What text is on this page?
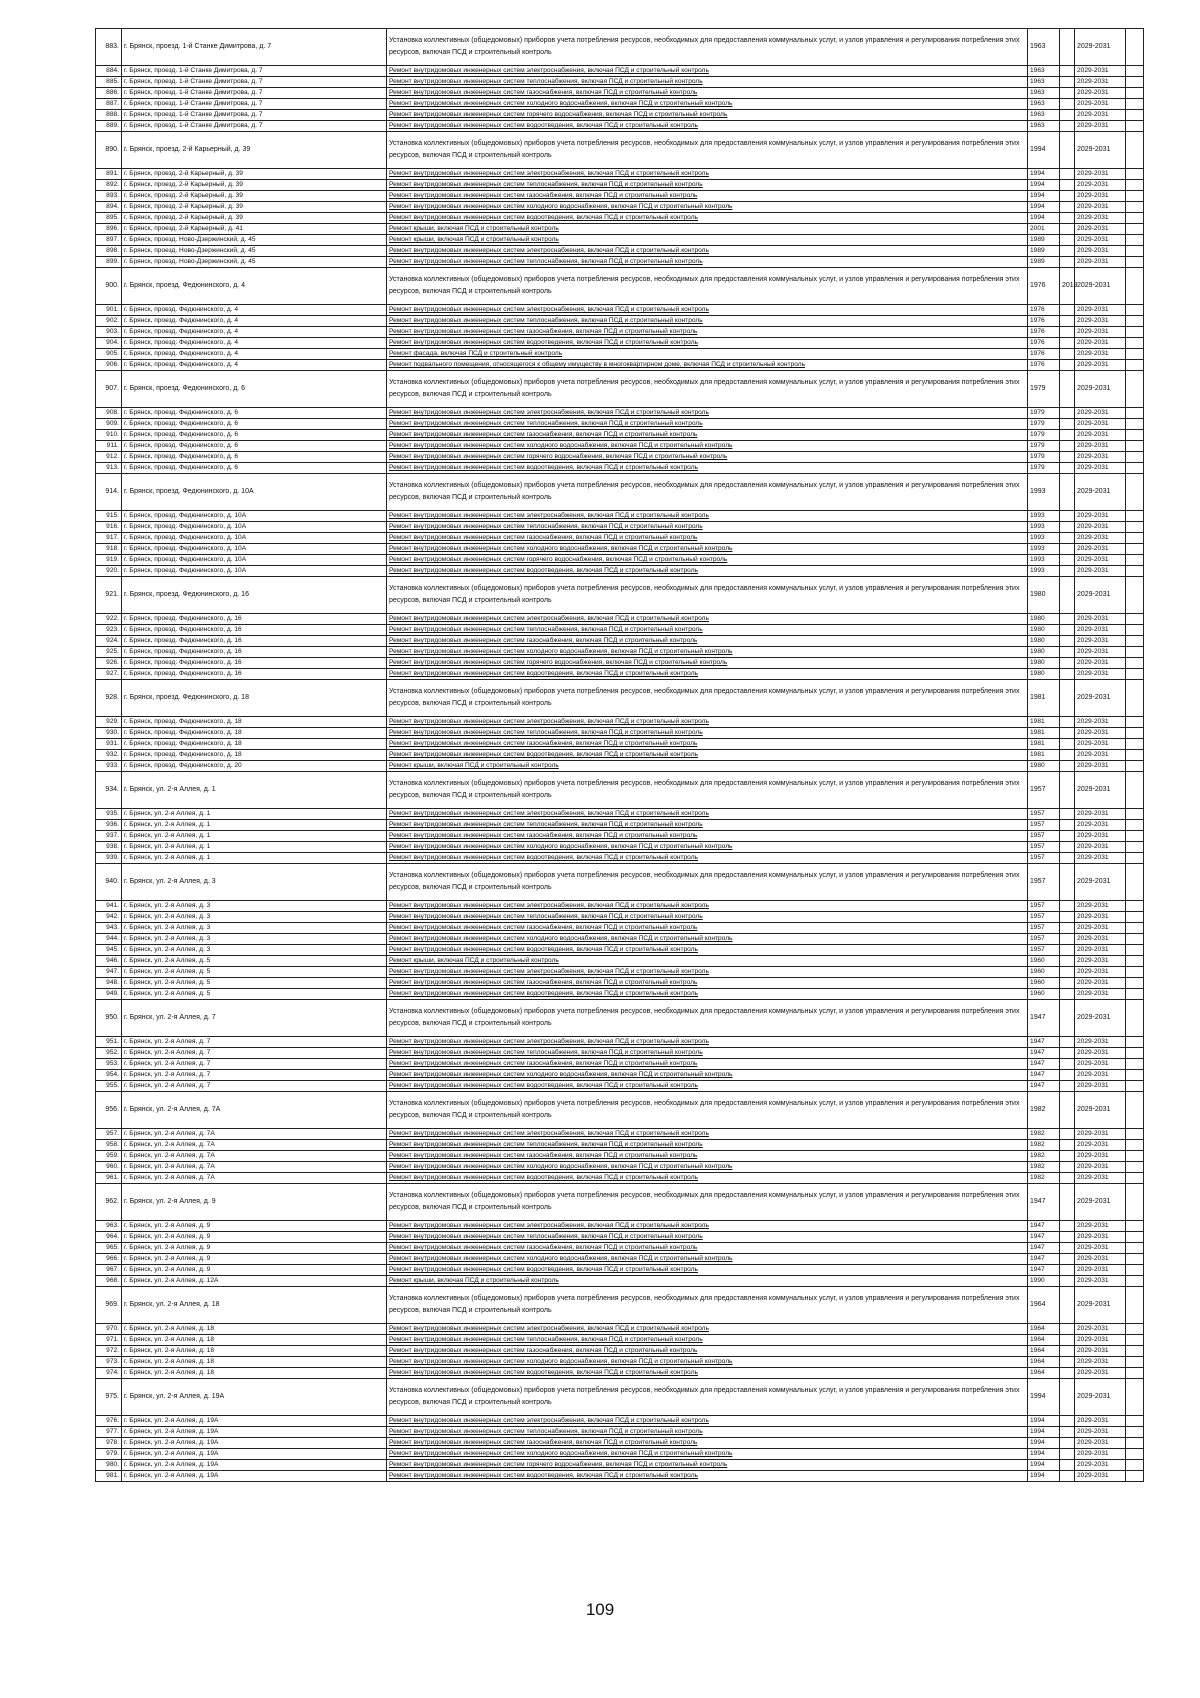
883.	г. Брянск, проезд. 1-й Станке Димитрова, д. 7	Установка коллективных (общедомовых) приборов учета потребления ресурсов, необходимых для предоставления коммунальных услуг, и узлов управления и регулирования потребления этих ресурсов, включая ПСД и строительный контроль	1963		2029-2031	
884.	г. Брянск, проезд. 1-й Станке Димитрова, д. 7	Ремонт внутридомовых инженерных систем электроснабжения, включая ПСД и строительный контроль	1963		2029-2031	
885.	г. Брянск, проезд. 1-й Станке Димитрова, д. 7	Ремонт внутридомовых инженерных систем теплоснабжения, включая ПСД и строительный контроль	1963		2029-2031	
886.	г. Брянск, проезд. 1-й Станке Димитрова, д. 7	Ремонт внутридомовых инженерных систем газоснабжения, включая ПСД и строительный контроль	1963		2029-2031	
887.	г. Брянск, проезд. 1-й Станке Димитрова, д. 7	Ремонт внутридомовых инженерных систем холодного водоснабжения, включая ПСД и строительный контроль	1963		2029-2031	
888.	г. Брянск, проезд. 1-й Станке Димитрова, д. 7	Ремонт внутридомовых инженерных систем горячего водоснабжения, включая ПСД и строительный контроль	1963		2029-2031	
889.	г. Брянск, проезд. 1-й Станке Димитрова, д. 7	Ремонт внутридомовых инженерных систем водоотведения, включая ПСД и строительный контроль	1963		2029-2031	
890.	г. Брянск, проезд. 2-й Карьерный, д. 39	Установка коллективных (общедомовых) приборов учета потребления ресурсов, необходимых для предоставления коммунальных услуг, и узлов управления и регулирования потребления этих ресурсов, включая ПСД и строительный контроль	1994		2029-2031	
891.	г. Брянск, проезд. 2-й Карьерный, д. 39	Ремонт внутридомовых инженерных систем электроснабжения, включая ПСД и строительный контроль	1994		2029-2031	
892.	г. Брянск, проезд. 2-й Карьерный, д. 39	Ремонт внутридомовых инженерных систем теплоснабжения, включая ПСД и строительный контроль	1994		2029-2031	
893.	г. Брянск, проезд. 2-й Карьерный, д. 39	Ремонт внутридомовых инженерных систем газоснабжения, включая ПСД и строительный контроль	1994		2029-2031	
894.	г. Брянск, проезд. 2-й Карьерный, д. 39	Ремонт внутридомовых инженерных систем холодного водоснабжения, включая ПСД и строительный контроль	1994		2029-2031	
895.	г. Брянск, проезд. 2-й Карьерный, д. 39	Ремонт внутридомовых инженерных систем водоотведения, включая ПСД и строительный контроль	1994		2029-2031	
896.	г. Брянск, проезд. 2-й Карьерный, д. 41	Ремонт крыши, включая ПСД и строительный контроль	2001		2029-2031	
897.	г. Брянск, проезд. Ново-Дзержинский, д. 45	Ремонт крыши, включая ПСД и строительный контроль	1989		2029-2031	
898.	г. Брянск, проезд. Ново-Дзержинский, д. 45	Ремонт внутридомовых инженерных систем электроснабжения, включая ПСД и строительный контроль	1989		2029-2031	
899.	г. Брянск, проезд. Ново-Дзержинский, д. 45	Ремонт внутридомовых инженерных систем теплоснабжения, включая ПСД и строительный контроль	1989		2029-2031	
900.	г. Брянск, проезд. Федюнинского, д. 4	Установка коллективных (общедомовых) приборов учета потребления ресурсов, необходимых для предоставления коммунальных услуг, и узлов управления и регулирования потребления этих ресурсов, включая ПСД и строительный контроль	1976	2019	2029-2031	
901.	г. Брянск, проезд. Федюнинского, д. 4	Ремонт внутридомовых инженерных систем электроснабжения, включая ПСД и строительный контроль	1976		2029-2031	
902.	г. Брянск, проезд. Федюнинского, д. 4	Ремонт внутридомовых инженерных систем теплоснабжения, включая ПСД и строительный контроль	1976		2029-2031	
903.	г. Брянск, проезд. Федюнинского, д. 4	Ремонт внутридомовых инженерных систем газоснабжения, включая ПСД и строительный контроль	1976		2029-2031	
904.	г. Брянск, проезд. Федюнинского, д. 4	Ремонт внутридомовых инженерных систем водоотведения, включая ПСД и строительный контроль	1976		2029-2031	
905.	г. Брянск, проезд. Федюнинского, д. 4	Ремонт фасада, включая ПСД и строительный контроль	1976		2029-2031	
906.	г. Брянск, проезд. Федюнинского, д. 4	Ремонт подвального помещения, относящегося к общему имуществу в многоквартирном доме, включая ПСД и строительный контроль	1976		2029-2031	
907.	г. Брянск, проезд. Федюнинского, д. 6	Установка коллективных (общедомовых) приборов учета потребления ресурсов, необходимых для предоставления коммунальных услуг, и узлов управления и регулирования потребления этих ресурсов, включая ПСД и строительный контроль	1979		2029-2031	
908.	г. Брянск, проезд. Федюнинского, д. 6	Ремонт внутридомовых инженерных систем электроснабжения, включая ПСД и строительный контроль	1979		2029-2031	
909.	г. Брянск, проезд. Федюнинского, д. 6	Ремонт внутридомовых инженерных систем теплоснабжения, включая ПСД и строительный контроль	1979		2029-2031	
910.	г. Брянск, проезд. Федюнинского, д. 6	Ремонт внутридомовых инженерных систем газоснабжения, включая ПСД и строительный контроль	1979		2029-2031	
911.	г. Брянск, проезд. Федюнинского, д. 6	Ремонт внутридомовых инженерных систем холодного водоснабжения, включая ПСД и строительный контроль	1979		2029-2031	
912.	г. Брянск, проезд. Федюнинского, д. 6	Ремонт внутридомовых инженерных систем горячего водоснабжения, включая ПСД и строительный контроль	1979		2029-2031	
913.	г. Брянск, проезд. Федюнинского, д. 6	Ремонт внутридомовых инженерных систем водоотведения, включая ПСД и строительный контроль	1979		2029-2031	
914.	г. Брянск, проезд. Федюнинского, д. 10А	Установка коллективных (общедомовых) приборов учета потребления ресурсов, необходимых для предоставления коммунальных услуг, и узлов управления и регулирования потребления этих ресурсов, включая ПСД и строительный контроль	1993		2029-2031	
915.	г. Брянск, проезд. Федюнинского, д. 10А	Ремонт внутридомовых инженерных систем электроснабжения, включая ПСД и строительный контроль	1993		2029-2031	
916.	г. Брянск, проезд. Федюнинского, д. 10А	Ремонт внутридомовых инженерных систем теплоснабжения, включая ПСД и строительный контроль	1993		2029-2031	
917.	г. Брянск, проезд. Федюнинского, д. 10А	Ремонт внутридомовых инженерных систем газоснабжения, включая ПСД и строительный контроль	1993		2029-2031	
918.	г. Брянск, проезд. Федюнинского, д. 10А	Ремонт внутридомовых инженерных систем холодного водоснабжения, включая ПСД и строительный контроль	1993		2029-2031	
919.	г. Брянск, проезд. Федюнинского, д. 10А	Ремонт внутридомовых инженерных систем горячего водоснабжения, включая ПСД и строительный контроль	1993		2029-2031	
920.	г. Брянск, проезд. Федюнинского, д. 10А	Ремонт внутридомовых инженерных систем водоотведения, включая ПСД и строительный контроль	1993		2029-2031	
921.	г. Брянск, проезд. Федюнинского, д. 16	Установка коллективных (общедомовых) приборов учета потребления ресурсов, необходимых для предоставления коммунальных услуг, и узлов управления и регулирования потребления этих ресурсов, включая ПСД и строительный контроль	1980		2029-2031	
922.	г. Брянск, проезд. Федюнинского, д. 16	Ремонт внутридомовых инженерных систем электроснабжения, включая ПСД и строительный контроль	1980		2029-2031	
923.	г. Брянск, проезд. Федюнинского, д. 16	Ремонт внутридомовых инженерных систем теплоснабжения, включая ПСД и строительный контроль	1980		2029-2031	
924.	г. Брянск, проезд. Федюнинского, д. 16	Ремонт внутридомовых инженерных систем газоснабжения, включая ПСД и строительный контроль	1980		2029-2031	
925.	г. Брянск, проезд. Федюнинского, д. 16	Ремонт внутридомовых инженерных систем холодного водоснабжения, включая ПСД и строительный контроль	1980		2029-2031	
926.	г. Брянск, проезд. Федюнинского, д. 16	Ремонт внутридомовых инженерных систем горячего водоснабжения, включая ПСД и строительный контроль	1980		2029-2031	
927.	г. Брянск, проезд. Федюнинского, д. 16	Ремонт внутридомовых инженерных систем водоотведения, включая ПСД и строительный контроль	1980		2029-2031	
928.	г. Брянск, проезд. Федюнинского, д. 18	Установка коллективных (общедомовых) приборов учета потребления ресурсов, необходимых для предоставления коммунальных услуг, и узлов управления и регулирования потребления этих ресурсов, включая ПСД и строительный контроль	1981		2029-2031	
929.	г. Брянск, проезд. Федюнинского, д. 18	Ремонт внутридомовых инженерных систем электроснабжения, включая ПСД и строительный контроль	1981		2029-2031	
930.	г. Брянск, проезд. Федюнинского, д. 18	Ремонт внутридомовых инженерных систем теплоснабжения, включая ПСД и строительный контроль	1981		2029-2031	
931.	г. Брянск, проезд. Федюнинского, д. 18	Ремонт внутридомовых инженерных систем газоснабжения, включая ПСД и строительный контроль	1981		2029-2031	
932.	г. Брянск, проезд. Федюнинского, д. 18	Ремонт внутридомовых инженерных систем водоотведения, включая ПСД и строительный контроль	1981		2029-2031	
933.	г. Брянск, проезд. Федюнинского, д. 20	Ремонт крыши, включая ПСД и строительный контроль	1980		2029-2031	
934.	г. Брянск, ул. 2-я Аллея, д. 1	Установка коллективных (общедомовых) приборов учета потребления ресурсов, необходимых для предоставления коммунальных услуг, и узлов управления и регулирования потребления этих ресурсов, включая ПСД и строительный контроль	1957		2029-2031	
935.	г. Брянск, ул. 2-я Аллея, д. 1	Ремонт внутридомовых инженерных систем электроснабжения, включая ПСД и строительный контроль	1957		2029-2031	
936.	г. Брянск, ул. 2-я Аллея, д. 1	Ремонт внутридомовых инженерных систем теплоснабжения, включая ПСД и строительный контроль	1957		2029-2031	
937.	г. Брянск, ул. 2-я Аллея, д. 1	Ремонт внутридомовых инженерных систем газоснабжения, включая ПСД и строительный контроль	1957		2029-2031	
938.	г. Брянск, ул. 2-я Аллея, д. 1	Ремонт внутридомовых инженерных систем холодного водоснабжения, включая ПСД и строительный контроль	1957		2029-2031	
939.	г. Брянск, ул. 2-я Аллея, д. 1	Ремонт внутридомовых инженерных систем водоотведения, включая ПСД и строительный контроль	1957		2029-2031	
940.	г. Брянск, ул. 2-я Аллея, д. 3	Установка коллективных (общедомовых) приборов учета потребления ресурсов, необходимых для предоставления коммунальных услуг, и узлов управления и регулирования потребления этих ресурсов, включая ПСД и строительный контроль	1957		2029-2031	
941.	г. Брянск, ул. 2-я Аллея, д. 3	Ремонт внутридомовых инженерных систем электроснабжения, включая ПСД и строительный контроль	1957		2029-2031	
942.	г. Брянск, ул. 2-я Аллея, д. 3	Ремонт внутридомовых инженерных систем теплоснабжения, включая ПСД и строительный контроль	1957		2029-2031	
943.	г. Брянск, ул. 2-я Аллея, д. 3	Ремонт внутридомовых инженерных систем газоснабжения, включая ПСД и строительный контроль	1957		2029-2031	
944.	г. Брянск, ул. 2-я Аллея, д. 3	Ремонт внутридомовых инженерных систем холодного водоснабжения, включая ПСД и строительный контроль	1957		2029-2031	
945.	г. Брянск, ул. 2-я Аллея, д. 3	Ремонт внутридомовых инженерных систем водоотведения, включая ПСД и строительный контроль	1957		2029-2031	
946.	г. Брянск, ул. 2-я Аллея, д. 5	Ремонт крыши, включая ПСД и строительный контроль	1960		2029-2031	
947.	г. Брянск, ул. 2-я Аллея, д. 5	Ремонт внутридомовых инженерных систем электроснабжения, включая ПСД и строительный контроль	1960		2029-2031	
948.	г. Брянск, ул. 2-я Аллея, д. 5	Ремонт внутридомовых инженерных систем газоснабжения, включая ПСД и строительный контроль	1960		2029-2031	
949.	г. Брянск, ул. 2-я Аллея, д. 5	Ремонт внутридомовых инженерных систем водоотведения, включая ПСД и строительный контроль	1960		2029-2031	
950.	г. Брянск, ул. 2-я Аллея, д. 7	Установка коллективных (общедомовых) приборов учета потребления ресурсов, необходимых для предоставления коммунальных услуг, и узлов управления и регулирования потребления этих ресурсов, включая ПСД и строительный контроль	1947		2029-2031	
951.	г. Брянск, ул. 2-я Аллея, д. 7	Ремонт внутридомовых инженерных систем электроснабжения, включая ПСД и строительный контроль	1947		2029-2031	
952.	г. Брянск, ул. 2-я Аллея, д. 7	Ремонт внутридомовых инженерных систем теплоснабжения, включая ПСД и строительный контроль	1947		2029-2031	
953.	г. Брянск, ул. 2-я Аллея, д. 7	Ремонт внутридомовых инженерных систем газоснабжения, включая ПСД и строительный контроль	1947		2029-2031	
954.	г. Брянск, ул. 2-я Аллея, д. 7	Ремонт внутридомовых инженерных систем холодного водоснабжения, включая ПСД и строительный контроль	1947		2029-2031	
955.	г. Брянск, ул. 2-я Аллея, д. 7	Ремонт внутридомовых инженерных систем водоотведения, включая ПСД и строительный контроль	1947		2029-2031	
956.	г. Брянск, ул. 2-я Аллея, д. 7А	Установка коллективных (общедомовых) приборов учета потребления ресурсов, необходимых для предоставления коммунальных услуг, и узлов управления и регулирования потребления этих ресурсов, включая ПСД и строительный контроль	1982		2029-2031	
957.	г. Брянск, ул. 2-я Аллея, д. 7А	Ремонт внутридомовых инженерных систем электроснабжения, включая ПСД и строительный контроль	1982		2029-2031	
958.	г. Брянск, ул. 2-я Аллея, д. 7А	Ремонт внутридомовых инженерных систем теплоснабжения, включая ПСД и строительный контроль	1982		2029-2031	
959.	г. Брянск, ул. 2-я Аллея, д. 7А	Ремонт внутридомовых инженерных систем газоснабжения, включая ПСД и строительный контроль	1982		2029-2031	
960.	г. Брянск, ул. 2-я Аллея, д. 7А	Ремонт внутридомовых инженерных систем холодного водоснабжения, включая ПСД и строительный контроль	1982		2029-2031	
961.	г. Брянск, ул. 2-я Аллея, д. 7А	Ремонт внутридомовых инженерных систем водоотведения, включая ПСД и строительный контроль	1982		2029-2031	
962.	г. Брянск, ул. 2-я Аллея, д. 9	Установка коллективных (общедомовых) приборов учета потребления ресурсов, необходимых для предоставления коммунальных услуг, и узлов управления и регулирования потребления этих ресурсов, включая ПСД и строительный контроль	1947		2029-2031	
963.	г. Брянск, ул. 2-я Аллея, д. 9	Ремонт внутридомовых инженерных систем электроснабжения, включая ПСД и строительный контроль	1947		2029-2031	
964.	г. Брянск, ул. 2-я Аллея, д. 9	Ремонт внутридомовых инженерных систем теплоснабжения, включая ПСД и строительный контроль	1947		2029-2031	
965.	г. Брянск, ул. 2-я Аллея, д. 9	Ремонт внутридомовых инженерных систем газоснабжения, включая ПСД и строительный контроль	1947		2029-2031	
966.	г. Брянск, ул. 2-я Аллея, д. 9	Ремонт внутридомовых инженерных систем холодного водоснабжения, включая ПСД и строительный контроль	1947		2029-2031	
967.	г. Брянск, ул. 2-я Аллея, д. 9	Ремонт внутридомовых инженерных систем водоотведения, включая ПСД и строительный контроль	1947		2029-2031	
968.	г. Брянск, ул. 2-я Аллея, д. 12А	Ремонт крыши, включая ПСД и строительный контроль	1990		2029-2031	
969.	г. Брянск, ул. 2-я Аллея, д. 18	Установка коллективных (общедомовых) приборов учета потребления ресурсов, необходимых для предоставления коммунальных услуг, и узлов управления и регулирования потребления этих ресурсов, включая ПСД и строительный контроль	1964		2029-2031	
970.	г. Брянск, ул. 2-я Аллея, д. 18	Ремонт внутридомовых инженерных систем электроснабжения, включая ПСД и строительный контроль	1964		2029-2031	
971.	г. Брянск, ул. 2-я Аллея, д. 18	Ремонт внутридомовых инженерных систем теплоснабжения, включая ПСД и строительный контроль	1964		2029-2031	
972.	г. Брянск, ул. 2-я Аллея, д. 18	Ремонт внутридомовых инженерных систем газоснабжения, включая ПСД и строительный контроль	1964		2029-2031	
973.	г. Брянск, ул. 2-я Аллея, д. 18	Ремонт внутридомовых инженерных систем холодного водоснабжения, включая ПСД и строительный контроль	1964		2029-2031	
974.	г. Брянск, ул. 2-я Аллея, д. 18	Ремонт внутридомовых инженерных систем водоотведения, включая ПСД и строительный контроль	1964		2029-2031	
975.	г. Брянск, ул. 2-я Аллея, д. 19А	Установка коллективных (общедомовых) приборов учета потребления ресурсов, необходимых для предоставления коммунальных услуг, и узлов управления и регулирования потребления этих ресурсов, включая ПСД и строительный контроль	1994		2029-2031	
976.	г. Брянск, ул. 2-я Аллея, д. 19А	Ремонт внутридомовых инженерных систем электроснабжения, включая ПСД и строительный контроль	1994		2029-2031	
977.	г. Брянск, ул. 2-я Аллея, д. 19А	Ремонт внутридомовых инженерных систем теплоснабжения, включая ПСД и строительный контроль	1994		2029-2031	
978.	г. Брянск, ул. 2-я Аллея, д. 19А	Ремонт внутридомовых инженерных систем газоснабжения, включая ПСД и строительный контроль	1994		2029-2031	
979.	г. Брянск, ул. 2-я Аллея, д. 19А	Ремонт внутридомовых инженерных систем холодного водоснабжения, включая ПСД и строительный контроль	1994		2029-2031	
980.	г. Брянск, ул. 2-я Аллея, д. 19А	Ремонт внутридомовых инженерных систем горячего водоснабжения, включая ПСД и строительный контроль	1994		2029-2031	
981.	г. Брянск, ул. 2-я Аллея, д. 19А	Ремонт внутридомовых инженерных систем водоотведения, включая ПСД и строительный контроль	1994		2029-2031	
109
